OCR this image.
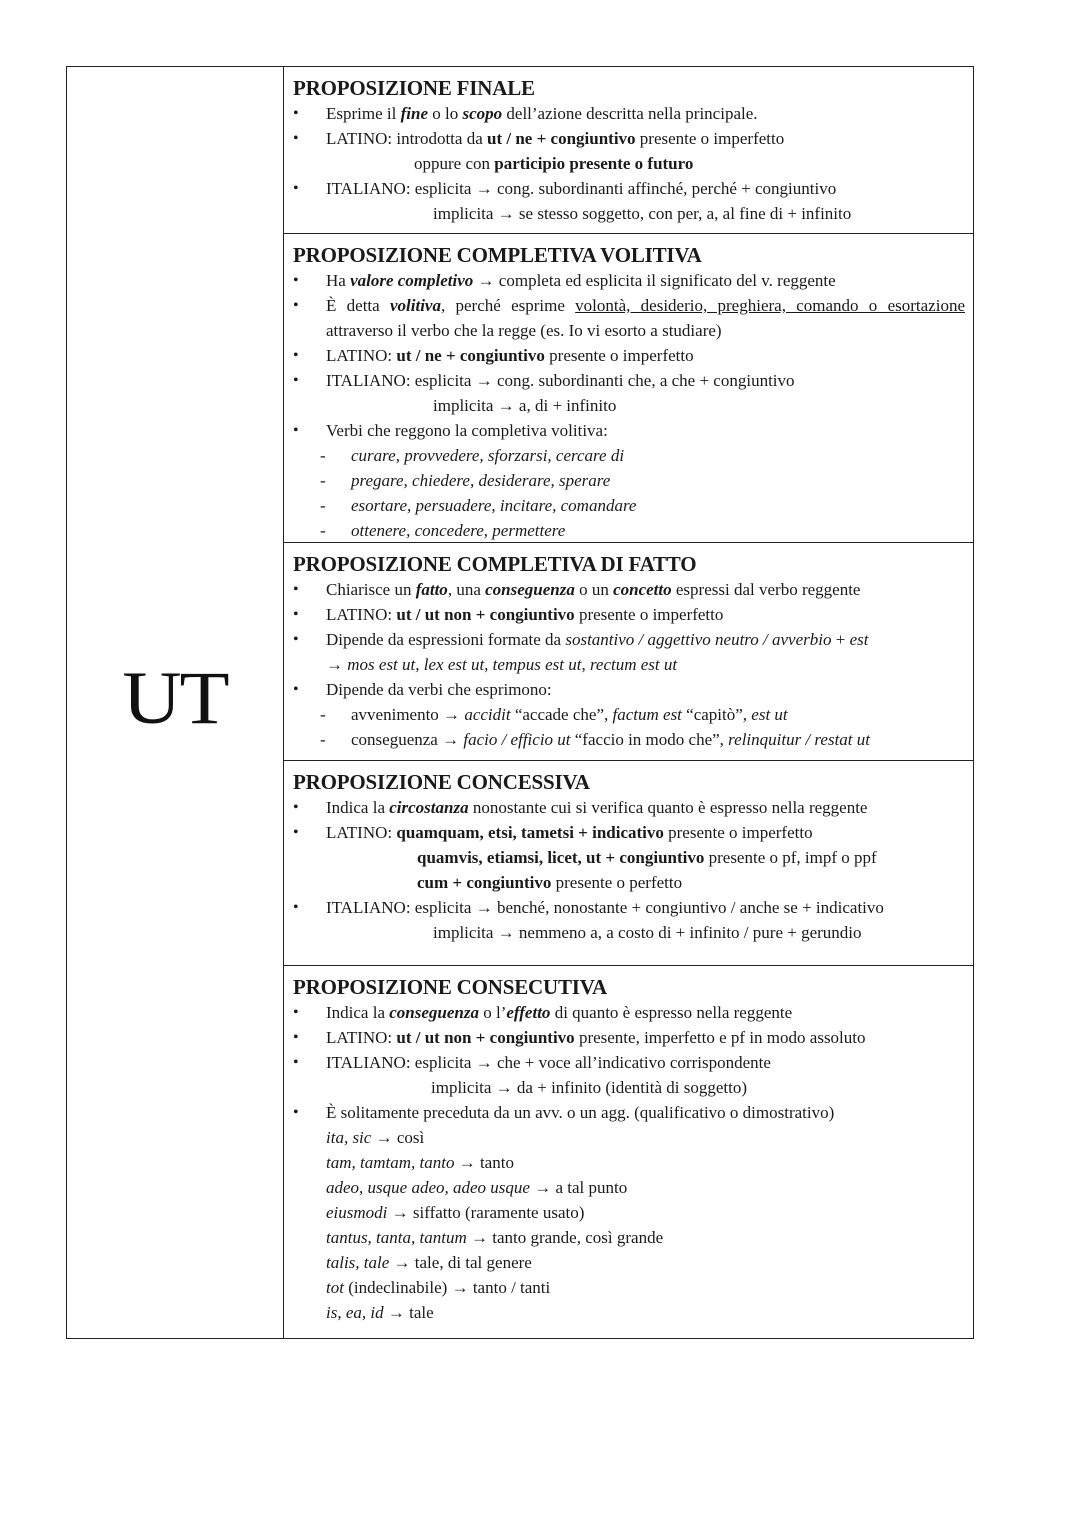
UT
PROPOSIZIONE FINALE
• Esprime il fine o lo scopo dell’azione descritta nella principale.
• LATINO: introdotta da ut / ne + congiuntivo presente o imperfetto
oppure con participio presente o futuro
• ITALIANO: esplicita → cong. subordinanti affinché, perché + congiuntivo
implicita → se stesso soggetto, con per, a, al fine di + infinito
PROPOSIZIONE COMPLETIVA VOLITIVA
• Ha valore completivo → completa ed esplicita il significato del v. reggente
• È detta volitiva, perché esprime volontà, desiderio, preghiera, comando o esortazione attraverso il verbo che la regge (es. Io vi esorto a studiare)
• LATINO: ut / ne + congiuntivo presente o imperfetto
• ITALIANO: esplicita → cong. subordinanti che, a che + congiuntivo
implicita → a, di + infinito
• Verbi che reggono la completiva volitiva:
- curare, provvedere, sforzarsi, cercare di
- pregare, chiedere, desiderare, sperare
- esortare, persuadere, incitare, comandare
- ottenere, concedere, permettere
PROPOSIZIONE COMPLETIVA DI FATTO
• Chiarisce un fatto, una conseguenza o un concetto espressi dal verbo reggente
• LATINO: ut / ut non + congiuntivo presente o imperfetto
• Dipende da espressioni formate da sostantivo / aggettivo neutro / avverbio + est
→ mos est ut, lex est ut, tempus est ut, rectum est ut
• Dipende da verbi che esprimono:
- avvenimento → accidit “accade che”, factum est “capitò”, est ut
- conseguenza → facio / efficio ut “faccio in modo che”, relinquitur / restat ut
PROPOSIZIONE CONCESSIVA
• Indica la circostanza nonostante cui si verifica quanto è espresso nella reggente
• LATINO: quamquam, etsi, tametsi + indicativo presente o imperfetto
quamvis, etiamsi, licet, ut + congiuntivo presente o pf, impf o ppf
cum + congiuntivo presente o perfetto
• ITALIANO: esplicita → benché, nonostante + congiuntivo / anche se + indicativo
implicita → nemmeno a, a costo di + infinito / pure + gerundio
PROPOSIZIONE CONSECUTIVA
• Indica la conseguenza o l’effetto di quanto è espresso nella reggente
• LATINO: ut / ut non + congiuntivo presente, imperfetto e pf in modo assoluto
• ITALIANO: esplicita → che + voce all’indicativo corrispondente
implicita → da + infinito (identità di soggetto)
• È solitamente preceduta da un avv. o un agg. (qualificativo o dimostrativo)
ita, sic → così
tam, tamtam, tanto → tanto
adeo, usque adeo, adeo usque → a tal punto
eiusmodi → siffatto (raramente usato)
tantus, tanta, tantum → tanto grande, così grande
talis, tale → tale, di tal genere
tot (indeclinabile) → tanto / tanti
is, ea, id → tale
